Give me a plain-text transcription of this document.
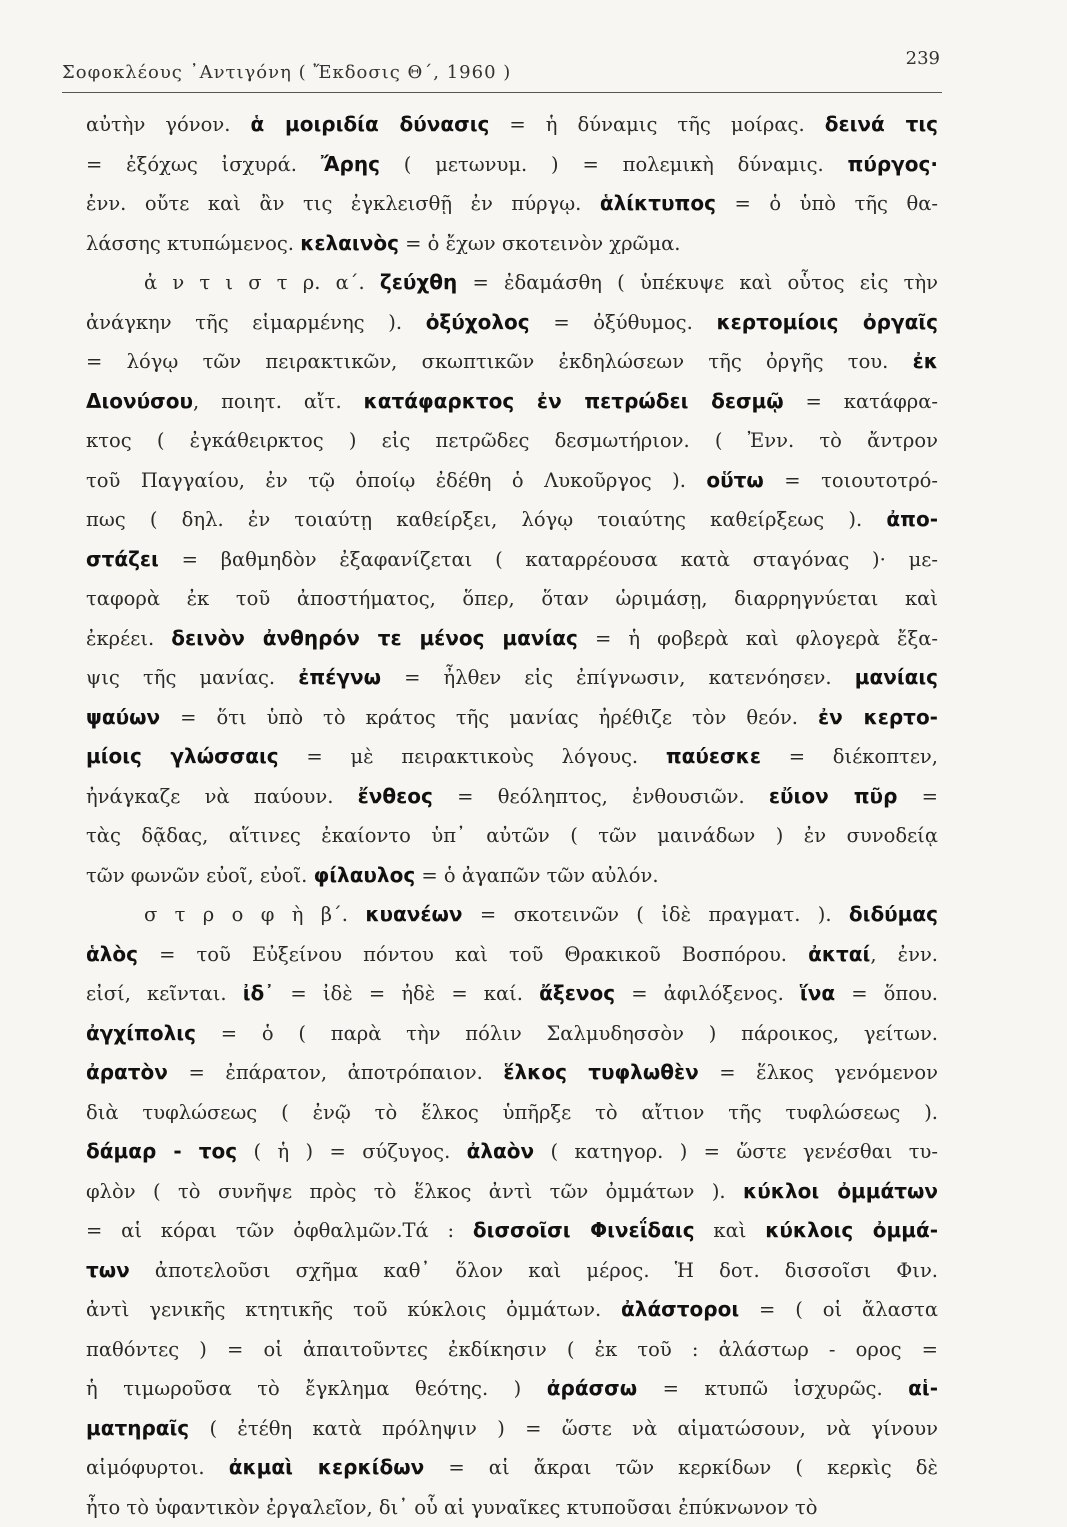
Σοφοκλέους ᾿Αντιγόνη ( Ἔκδοσις Θ΄, 1960 )
239
αὐτὴν γόνον. ἁ μοιριδία δύνασις = ἡ δύναμις τῆς μοίρας. δεινά τις
= ἐξόχως ἰσχυρά. Ἄρης ( μετωνυμ. ) = πολεμικὴ δύναμις. πύργος·
ἐνν. οὔτε καὶ ἂν τις ἐγκλεισθῇ ἐν πύργῳ. ἁλίκτυπος = ὁ ὑπὸ τῆς θα-
λάσσης κτυπώμενος. κελαινὸς = ὁ ἔχων σκοτεινὸν χρῶμα.
ἀ ν τ ι σ τ ρ. α΄. ζεύχθη = ἐδαμάσθη ( ὑπέκυψε καὶ οὗτος εἰς τὴν
ἀνάγκην τῆς εἱμαρμένης ). ὀξύχολος = ὀξύθυμος. κερτομίοις ὀργαῖς
= λόγῳ τῶν πειρακτικῶν, σκωπτικῶν ἐκδηλώσεων τῆς ὀργῆς του. ἐκ
Διονύσου, ποιητ. αἴτ. κατάφαρκτος ἐν πετρώδει δεσμῷ = κατάφρα-
κτος ( ἐγκάθειρκτος ) εἰς πετρῶδες δεσμωτήριον. ( Ἐνν. τὸ ἄντρον
τοῦ Παγγαίου, ἐν τῷ ὁποίῳ ἐδέθη ὁ Λυκοῦργος ). οὕτω = τοιουτοτρό-
πως ( δηλ. ἐν τοιαύτῃ καθείρξει, λόγῳ τοιαύτης καθείρξεως ). ἀπο-
στάζει = βαθμηδὸν ἐξαφανίζεται ( καταρρέουσα κατὰ σταγόνας )· με-
ταφορὰ ἐκ τοῦ ἀποστήματος, ὅπερ, ὅταν ὡριμάσῃ, διαρρηγνύεται καὶ
ἐκρέει. δεινὸν ἀνθηρόν τε μένος μανίας = ἡ φοβερὰ καὶ φλογερὰ ἔξα-
ψις τῆς μανίας. ἐπέγνω = ἦλθεν εἰς ἐπίγνωσιν, κατενόησεν. μανίαις
ψαύων = ὅτι ὑπὸ τὸ κράτος τῆς μανίας ἠρέθιζε τὸν θεόν. ἐν κερτο-
μίοις γλώσσαις = μὲ πειρακτικοὺς λόγους. παύεσκε = διέκοπτεν,
ἠνάγκαζε νὰ παύουν. ἔνθεος = θεόληπτος, ἐνθουσιῶν. εὔιον πῦρ =
τὰς δᾷδας, αἵτινες ἐκαίοντο ὑπ᾿ αὐτῶν ( τῶν μαινάδων ) ἐν συνοδείᾳ
τῶν φωνῶν εὐοῖ, εὐοῖ. φίλαυλος = ὁ ἀγαπῶν τῶν αὐλόν.
σ τ ρ ο φ ὴ β΄. κυανέων = σκοτεινῶν ( ἰδὲ πραγματ. ). διδύμας
ἁλὸς = τοῦ Εὐξείνου πόντου καὶ τοῦ Θρακικοῦ Βοσπόρου. ἀκταί, ἐνν.
εἰσί, κεῖνται. ἰδ᾿ = ἰδὲ = ἠδὲ = καί. ἄξενος = ἀφιλόξενος. ἵνα = ὅπου.
ἀγχίπολις = ὁ ( παρὰ τὴν πόλιν Σαλμυδησσὸν ) πάροικος, γείτων.
ἀρατὸν = ἐπάρατον, ἀποτρόπαιον. ἕλκος τυφλωθὲν = ἕλκος γενόμενον
διὰ τυφλώσεως ( ἐνῷ τὸ ἕλκος ὑπῆρξε τὸ αἴτιον τῆς τυφλώσεως ).
δάμαρ - τος ( ἡ ) = σύζυγος. ἀλαὸν ( κατηγορ. ) = ὥστε γενέσθαι τυ-
φλὸν ( τὸ συνῆψε πρὸς τὸ ἕλκος ἀντὶ τῶν ὀμμάτων ). κύκλοι ὀμμάτων
= αἱ κόραι τῶν ὀφθαλμῶν.Τά : δισσοῖσι Φινεΐδαις καὶ κύκλοις ὀμμά-
των ἀποτελοῦσι σχῆμα καθ᾿ ὅλον καὶ μέρος. Ἡ δοτ. δισσοῖσι Φιν.
ἀντὶ γενικῆς κτητικῆς τοῦ κύκλοις ὀμμάτων. ἀλάστοροι = ( οἱ ἄλαστα
παθόντες ) = οἱ ἀπαιτοῦντες ἐκδίκησιν ( ἐκ τοῦ : ἀλάστωρ - ορος =
ἡ τιμωροῦσα τὸ ἔγκλημα θεότης. ) ἀράσσω = κτυπῶ ἰσχυρῶς. αἱ-
ματηραῖς ( ἐτέθη κατὰ πρόληψιν ) = ὥστε νὰ αἱματώσουν, νὰ γίνουν
αἱμόφυρτοι. ἀκμαὶ κερκίδων = αἱ ἄκραι τῶν κερκίδων ( κερκὶς δὲ
ἦτο τὸ ὑφαντικὸν ἐργαλεῖον, δι᾿ οὗ αἱ γυναῖκες κτυποῦσαι ἐπύκνωνον τὸ
